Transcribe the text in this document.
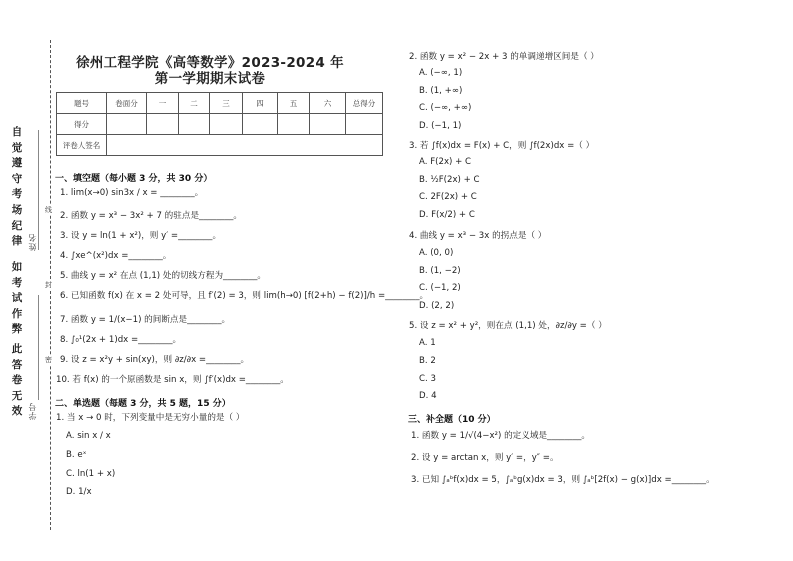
徐州工程学院《高等数学》2023-2024 年
第一学期期末试卷
自
觉
遵
守
考
场
纪
律
如
考
试
作
弊
此
答
卷
无
效
姓名
学号
线
封
密
题号	卷面分	一	二	三	四	五	六	总得分
得分								
评卷人签名								
一、填空题（每小题 3 分，共 30 分）
1. lim(x→0) sin3x / x = ________。
2. 函数 y = x³ − 3x² + 7 的驻点是________。
3. 设 y = ln(1 + x²)，则 y′ =________。
4. ∫xe^(x²)dx =________。
5. 曲线 y = x² 在点 (1,1) 处的切线方程为________。
6. 已知函数 f(x) 在 x = 2 处可导，且 f′(2) = 3，则 lim(h→0) [f(2+h) − f(2)]/h =________。
7. 函数 y = 1/(x−1) 的间断点是________。
8. ∫₀¹(2x + 1)dx =________。
9. 设 z = x²y + sin(xy)，则 ∂z/∂x =________。
10. 若 f(x) 的一个原函数是 sin x，则 ∫f′(x)dx =________。
二、单选题（每题 3 分，共 5 题，15 分）
1. 当 x → 0 时，下列变量中是无穷小量的是（ ）
A. sin x / x
B. eˣ
C. ln(1 + x)
D. 1/x
2. 函数 y = x² − 2x + 3 的单调递增区间是（ ）
A. (−∞, 1)
B. (1, +∞)
C. (−∞, +∞)
D. (−1, 1)
3. 若 ∫f(x)dx = F(x) + C，则 ∫f(2x)dx =（ ）
A. F(2x) + C
B. ½F(2x) + C
C. 2F(2x) + C
D. F(x/2) + C
4. 曲线 y = x³ − 3x 的拐点是（ ）
A. (0, 0)
B. (1, −2)
C. (−1, 2)
D. (2, 2)
5. 设 z = x² + y²，则在点 (1,1) 处，∂z/∂y =（ ）
A. 1
B. 2
C. 3
D. 4
三、补全题（10 分）
1. 函数 y = 1/√(4−x²) 的定义域是________。
2. 设 y = arctan x，则 y′ =，y″ =。
3. 已知 ∫ₐᵇf(x)dx = 5，∫ₐᵇg(x)dx = 3，则 ∫ₐᵇ[2f(x) − g(x)]dx =________。
